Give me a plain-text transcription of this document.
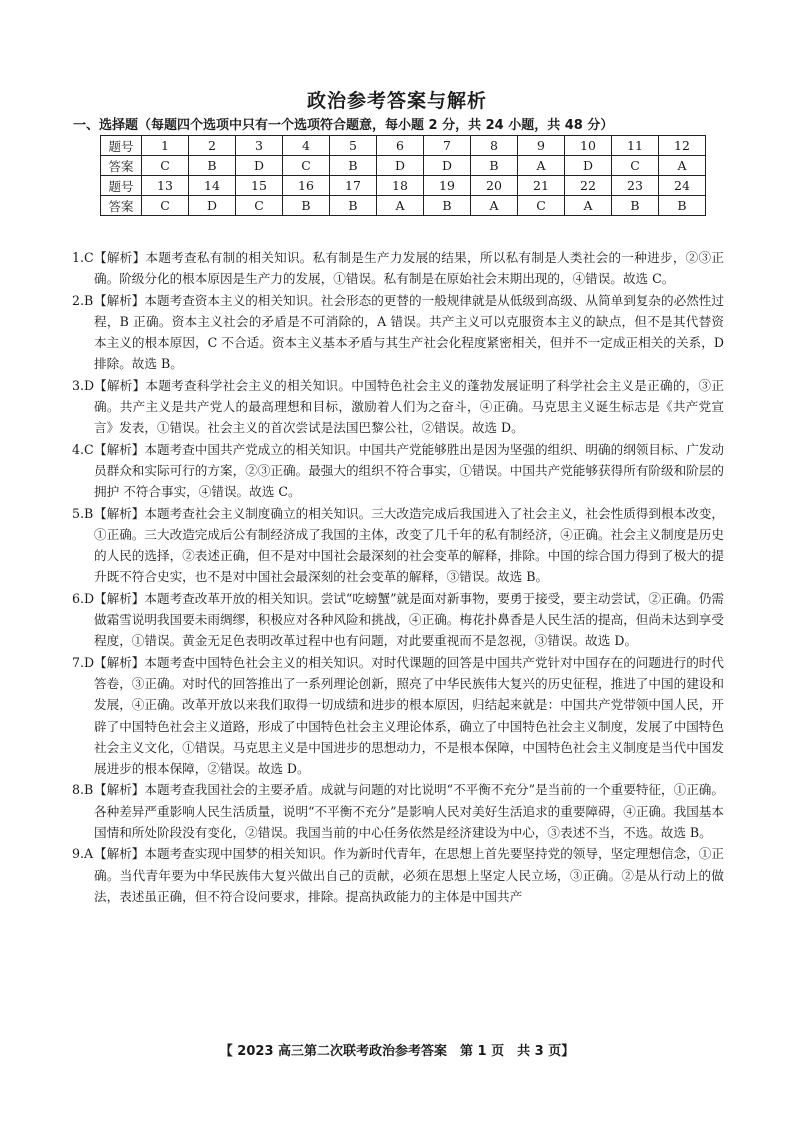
政治参考答案与解析
一、选择题（每题四个选项中只有一个选项符合题意，每小题 2 分，共 24 小题，共 48 分）
题号	1	2	3	4	5	6	7	8	9	10	11	12
答案	C	B	D	C	B	D	D	B	A	D	C	A
题号	13	14	15	16	17	18	19	20	21	22	23	24
答案	C	D	C	B	B	A	B	A	C	A	B	B

1.C 【解析】本题考查私有制的相关知识。私有制是生产力发展的结果，所以私有制是人类社会的一种进步，②③正确。阶级分化的根本原因是生产力的发展，①错误。私有制是在原始社会末期出现的，④错误。故选 C。

2.B 【解析】本题考查资本主义的相关知识。社会形态的更替的一般规律就是从低级到高级、从简单到复杂的必然性过程，B 正确。资本主义社会的矛盾是不可消除的，A 错误。共产主义可以克服资本主义的缺点，但不是其代替资本主义的根本原因，C 不合适。资本主义基本矛盾与其生产社会化程度紧密相关，但并不一定成正相关的关系，D 排除。故选 B。

3.D 【解析】本题考查科学社会主义的相关知识。中国特色社会主义的蓬勃发展证明了科学社会主义是正确的，③正确。共产主义是共产党人的最高理想和目标，激励着人们为之奋斗，④正确。马克思主义诞生标志是《共产党宣言》发表，①错误。社会主义的首次尝试是法国巴黎公社，②错误。故选 D。

4.C 【解析】本题考查中国共产党成立的相关知识。中国共产党能够胜出是因为坚强的组织、明确的纲领目标、广发动员群众和实际可行的方案，②③正确。最强大的组织不符合事实，①错误。中国共产党能够获得所有阶级和阶层的拥护 不符合事实，④错误。故选 C。

5.B 【解析】本题考查社会主义制度确立的相关知识。三大改造完成后我国进入了社会主义，社会性质得到根本改变，①正确。三大改造完成后公有制经济成了我国的主体，改变了几千年的私有制经济，④正确。社会主义制度是历史的人民的选择，②表述正确，但不是对中国社会最深刻的社会变革的解释，排除。中国的综合国力得到了极大的提升既不符合史实，也不是对中国社会最深刻的社会变革的解释，③错误。故选 B。

6.D 【解析】本题考查改革开放的相关知识。尝试“吃螃蟹”就是面对新事物，要勇于接受，要主动尝试，②正确。仍需做霜雪说明我国要未雨绸缪，积极应对各种风险和挑战，④正确。梅花扑鼻香是人民生活的提高，但尚未达到享受程度，①错误。黄金无足色表明改革过程中也有问题，对此要重视而不是忽视，③错误。故选 D。

7.D 【解析】本题考查中国特色社会主义的相关知识。对时代课题的回答是中国共产党针对中国存在的问题进行的时代答卷，③正确。对时代的回答推出了一系列理论创新，照亮了中华民族伟大复兴的历史征程，推进了中国的建设和发展，④正确。改革开放以来我们取得一切成绩和进步的根本原因，归结起来就是：中国共产党带领中国人民，开辟了中国特色社会主义道路，形成了中国特色社会主义理论体系，确立了中国特色社会主义制度，发展了中国特色社会主义文化，①错误。马克思主义是中国进步的思想动力，不是根本保障，中国特色社会主义制度是当代中国发展进步的根本保障，②错误。故选 D。

8.B 【解析】本题考查我国社会的主要矛盾。成就与问题的对比说明“不平衡不充分”是当前的一个重要特征，①正确。各种差异严重影响人民生活质量，说明“不平衡不充分”是影响人民对美好生活追求的重要障碍，④正确。我国基本国情和所处阶段没有变化，②错误。我国当前的中心任务依然是经济建设为中心，③表述不当，不选。故选 B。

9.A 【解析】本题考查实现中国梦的相关知识。作为新时代青年，在思想上首先要坚持党的领导，坚定理想信念，①正确。当代青年要为中华民族伟大复兴做出自己的贡献，必须在思想上坚定人民立场，③正确。②是从行动上的做法，表述虽正确，但不符合设问要求，排除。提高执政能力的主体是中国共产

【 2023 高三第二次联考政治参考答案　第 1 页　共 3 页】
